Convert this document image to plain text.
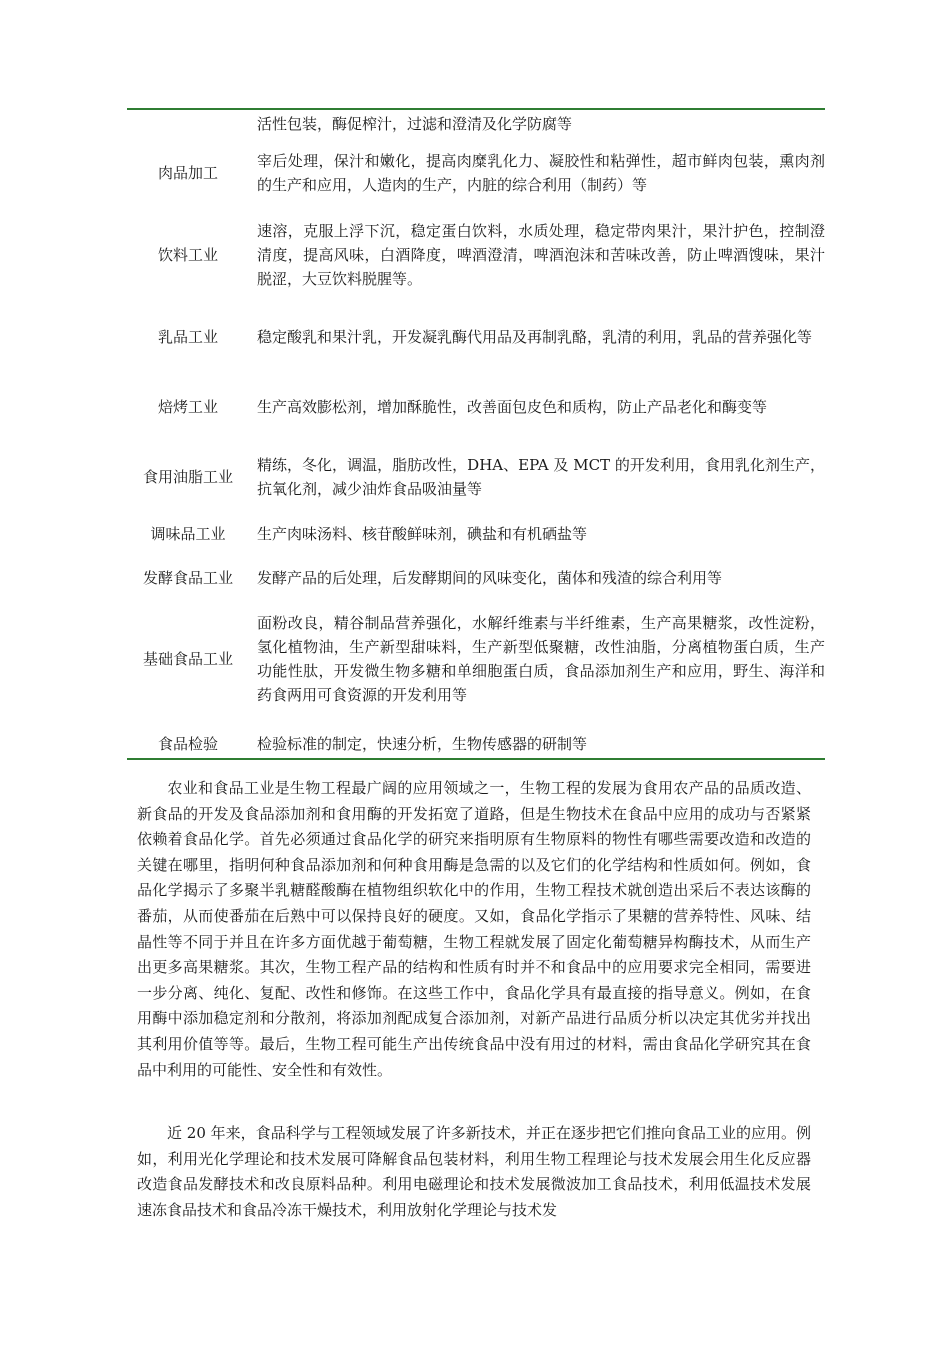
	活性包装，酶促榨汁，过滤和澄清及化学防腐等
肉品加工	宰后处理，保汁和嫩化，提高肉糜乳化力、凝胶性和粘弹性，超市鲜肉包装，熏肉剂的生产和应用，人造肉的生产，内脏的综合利用（制药）等
饮料工业	速溶，克服上浮下沉，稳定蛋白饮料，水质处理，稳定带肉果汁，果汁护色，控制澄清度，提高风味，白酒降度，啤酒澄清，啤酒泡沫和苦味改善，防止啤酒馊味，果汁脱涩，大豆饮料脱腥等。
乳品工业	稳定酸乳和果汁乳，开发凝乳酶代用品及再制乳酪，乳清的利用，乳品的营养强化等
焙烤工业	生产高效膨松剂，增加酥脆性，改善面包皮色和质构，防止产品老化和酶变等
食用油脂工业	精练，冬化，调温，脂肪改性，DHA、EPA 及 MCT 的开发利用，食用乳化剂生产，抗氧化剂，减少油炸食品吸油量等
调味品工业	生产肉味汤料、核苷酸鲜味剂，碘盐和有机硒盐等
发酵食品工业	发酵产品的后处理，后发酵期间的风味变化，菌体和残渣的综合利用等
基础食品工业	面粉改良，精谷制品营养强化，水解纤维素与半纤维素，生产高果糖浆，改性淀粉，氢化植物油，生产新型甜味料，生产新型低聚糖，改性油脂，分离植物蛋白质，生产功能性肽，开发微生物多糖和单细胞蛋白质，食品添加剂生产和应用，野生、海洋和药食两用可食资源的开发利用等
食品检验	检验标准的制定，快速分析，生物传感器的研制等

农业和食品工业是生物工程最广阔的应用领域之一，生物工程的发展为食用农产品的品质改造、新食品的开发及食品添加剂和食用酶的开发拓宽了道路，但是生物技术在食品中应用的成功与否紧紧依赖着食品化学。首先必须通过食品化学的研究来指明原有生物原料的物性有哪些需要改造和改造的关键在哪里，指明何种食品添加剂和何种食用酶是急需的以及它们的化学结构和性质如何。例如，食品化学揭示了多聚半乳糖醛酸酶在植物组织软化中的作用，生物工程技术就创造出采后不表达该酶的番茄，从而使番茄在后熟中可以保持良好的硬度。又如，食品化学指示了果糖的营养特性、风味、结晶性等不同于并且在许多方面优越于葡萄糖，生物工程就发展了固定化葡萄糖异构酶技术，从而生产出更多高果糖浆。其次，生物工程产品的结构和性质有时并不和食品中的应用要求完全相同，需要进一步分离、纯化、复配、改性和修饰。在这些工作中，食品化学具有最直接的指导意义。例如，在食用酶中添加稳定剂和分散剂，将添加剂配成复合添加剂，对新产品进行品质分析以决定其优劣并找出其利用价值等等。最后，生物工程可能生产出传统食品中没有用过的材料，需由食品化学研究其在食品中利用的可能性、安全性和有效性。

近 20 年来，食品科学与工程领域发展了许多新技术，并正在逐步把它们推向食品工业的应用。例如，利用光化学理论和技术发展可降解食品包装材料，利用生物工程理论与技术发展会用生化反应器改造食品发酵技术和改良原料品种。利用电磁理论和技术发展微波加工食品技术，利用低温技术发展速冻食品技术和食品冷冻干燥技术，利用放射化学理论与技术发
